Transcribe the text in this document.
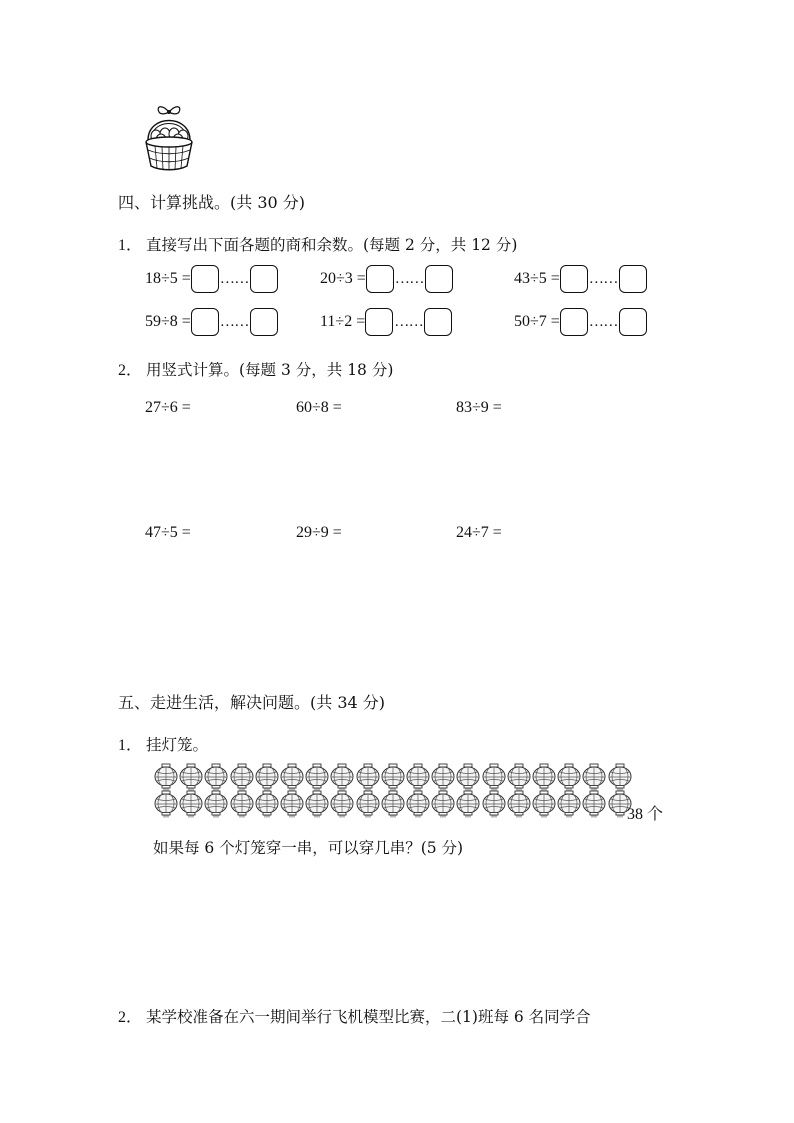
四、计算挑战。(共 30 分)
1． 直接写出下面各题的商和余数。(每题 2 分，共 12 分)
18÷5 = ……	20÷3 = ……	43÷5 = ……
59÷8 = ……	11÷2 = ……	50÷7 = ……
2． 用竖式计算。(每题 3 分，共 18 分)
27÷6 =	60÷8 =	83÷9 =
47÷5 =	29÷9 =	24÷7 =
五、走进生活，解决问题。(共 34 分)
1． 挂灯笼。
38 个
如果每 6 个灯笼穿一串，可以穿几串？(5 分)
2． 某学校准备在六一期间举行飞机模型比赛，二(1)班每 6 名同学合
